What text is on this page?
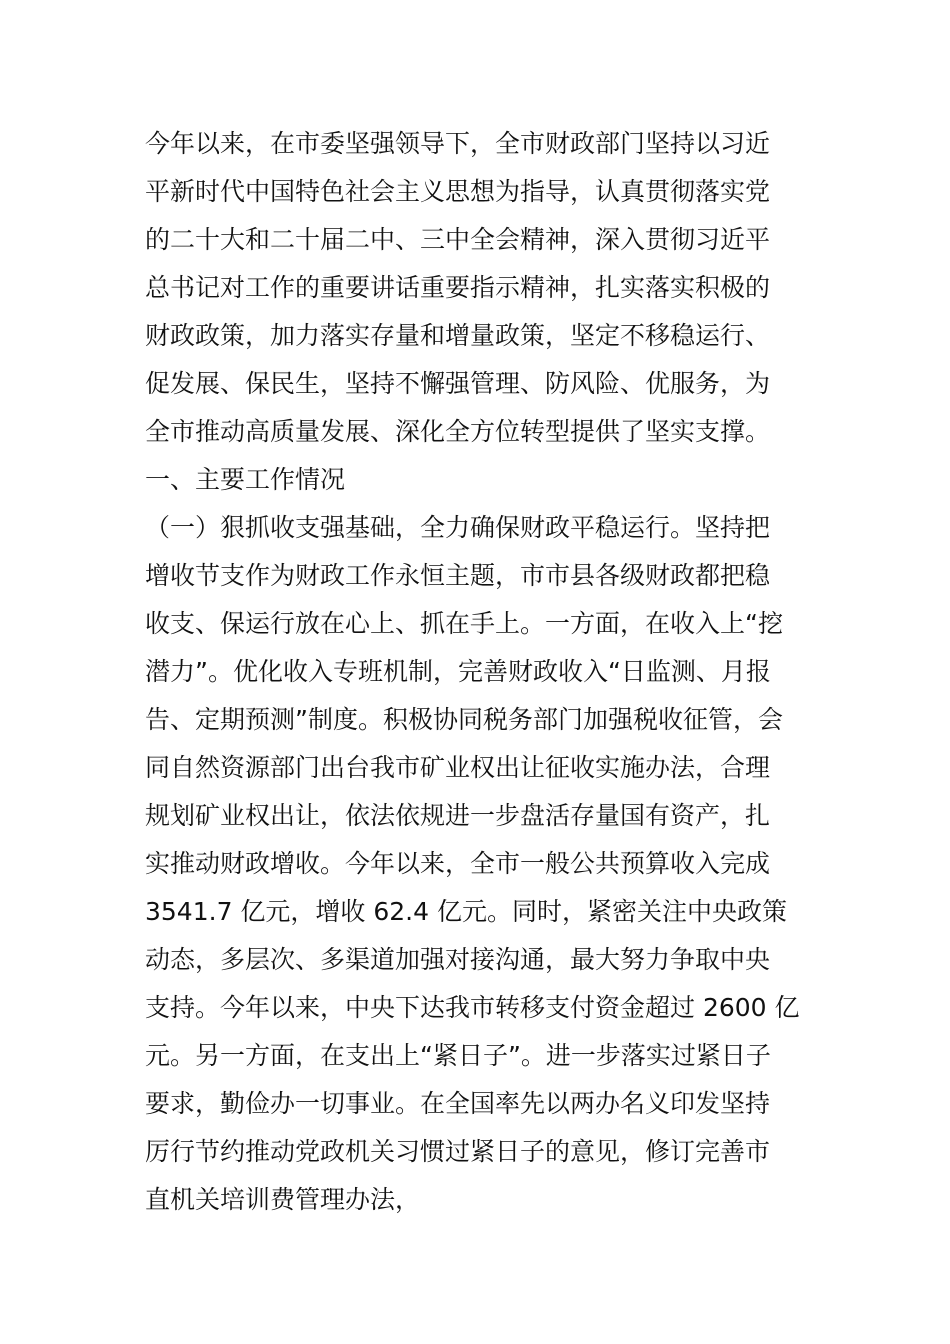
今年以来，在市委坚强领导下，全市财政部门坚持以习近
平新时代中国特色社会主义思想为指导，认真贯彻落实党
的二十大和二十届二中、三中全会精神，深入贯彻习近平
总书记对工作的重要讲话重要指示精神，扎实落实积极的
财政政策，加力落实存量和增量政策，坚定不移稳运行、
促发展、保民生，坚持不懈强管理、防风险、优服务，为
全市推动高质量发展、深化全方位转型提供了坚实支撑。
一、主要工作情况
（一）狠抓收支强基础，全力确保财政平稳运行。坚持把
增收节支作为财政工作永恒主题，市市县各级财政都把稳
收支、保运行放在心上、抓在手上。一方面，在收入上“挖
潜力”。优化收入专班机制，完善财政收入“日监测、月报
告、定期预测”制度。积极协同税务部门加强税收征管，会
同自然资源部门出台我市矿业权出让征收实施办法，合理
规划矿业权出让，依法依规进一步盘活存量国有资产，扎
实推动财政增收。今年以来，全市一般公共预算收入完成
3541.7 亿元，增收 62.4 亿元。同时，紧密关注中央政策
动态，多层次、多渠道加强对接沟通，最大努力争取中央
支持。今年以来，中央下达我市转移支付资金超过 2600 亿
元。另一方面，在支出上“紧日子”。进一步落实过紧日子
要求，勤俭办一切事业。在全国率先以两办名义印发坚持
厉行节约推动党政机关习惯过紧日子的意见，修订完善市
直机关培训费管理办法，
